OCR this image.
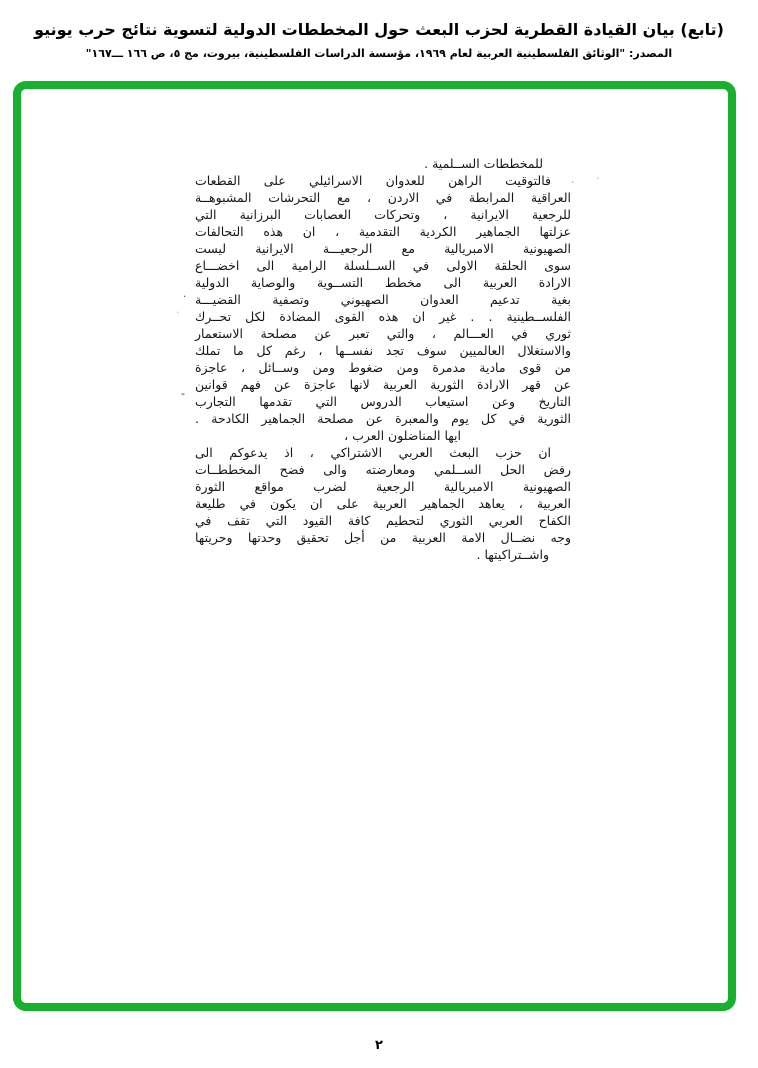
(تابع) بيان القيادة القطرية لحزب البعث حول المخططات الدولية لتسوية نتائج حرب يونيو
المصدر: "الوثائق الفلسطينية العربية لعام ١٩٦٩، مؤسسة الدراسات الفلسطينية، بيروت، مج ٥، ص ١٦٦ ـــ١٦٧"
للمخططات الســلمية .
فالتوقيت الراهن للعدوان الاسرائيلي على القطعات
العراقية المرابطة في الاردن ، مع التحرشات المشبوهــة
للرجعية الايرانية ، وتحركات العصابات البرزانية التي
عزلتها الجماهير الكردية التقدمية ، ان هذه التحالفات
الصهيونية الامبريالية مع الرجعيـــة الايرانية ليست
سوى الحلقة الاولى في الســلسلة الرامية الى اخضـــاع
الارادة العربية الى مخطط التســوية والوصاية الدولية
بغية تدعيم العدوان الصهيوني وتصفية القضيـــة
الفلســطينية . . غير ان هذه القوى المضادة لكل تحــرك
ثوري في العـــالم ، والتي تعبر عن مصلحة الاستعمار
والاستغلال العالميين سوف تجد نفســها ، رغم كل ما تملك
من قوى مادية مدمرة ومن ضغوط ومن وســائل ، عاجزة
عن قهر الارادة الثورية العربية لانها عاجزة عن فهم قوانين
التاريخ وعن استيعاب الدروس التي تقدمها التجارب
الثورية في كل يوم والمعبرة عن مصلحة الجماهير الكادحة .
ايها المناضلون العرب ،
ان حزب البعث العربي الاشتراكي ، اذ يدعوكم الى
رفض الحل الســلمي ومعارضته والى فضح المخططــات
الصهيونية الامبريالية الرجعية لضرب مواقع الثورة
العربية ، يعاهد الجماهير العربية على ان يكون في طليعة
الكفاح العربي الثوري لتحطيم كافة القيود التي تقف في
وجه نضــال الامة العربية من أجل تحقيق وحدتها وحريتها
واشــتراكيتها .
٢
-
·
· ·
·
